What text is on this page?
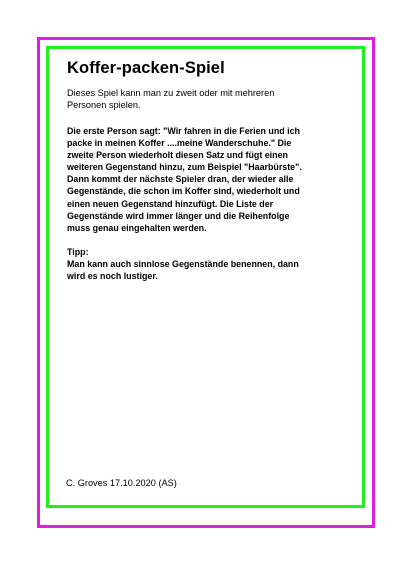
Koffer-packen-Spiel

Dieses Spiel kann man zu zweit oder mit mehreren Personen spielen.

Die erste Person sagt: "Wir fahren in die Ferien und ich packe in meinen Koffer ....meine Wanderschuhe." Die zweite Person wiederholt diesen Satz und fügt einen weiteren Gegenstand hinzu, zum Beispiel "Haarbürste". Dann kommt der nächste Spieler dran, der wieder alle Gegenstände, die schon im Koffer sind, wiederholt und einen neuen Gegenstand hinzufügt. Die Liste der Gegenstände wird immer länger und die Reihenfolge muss genau eingehalten werden.

Tipp:

Man kann auch sinnlose Gegenstände benennen, dann wird es noch lustiger.

C. Groves 17.10.2020 (AS)
